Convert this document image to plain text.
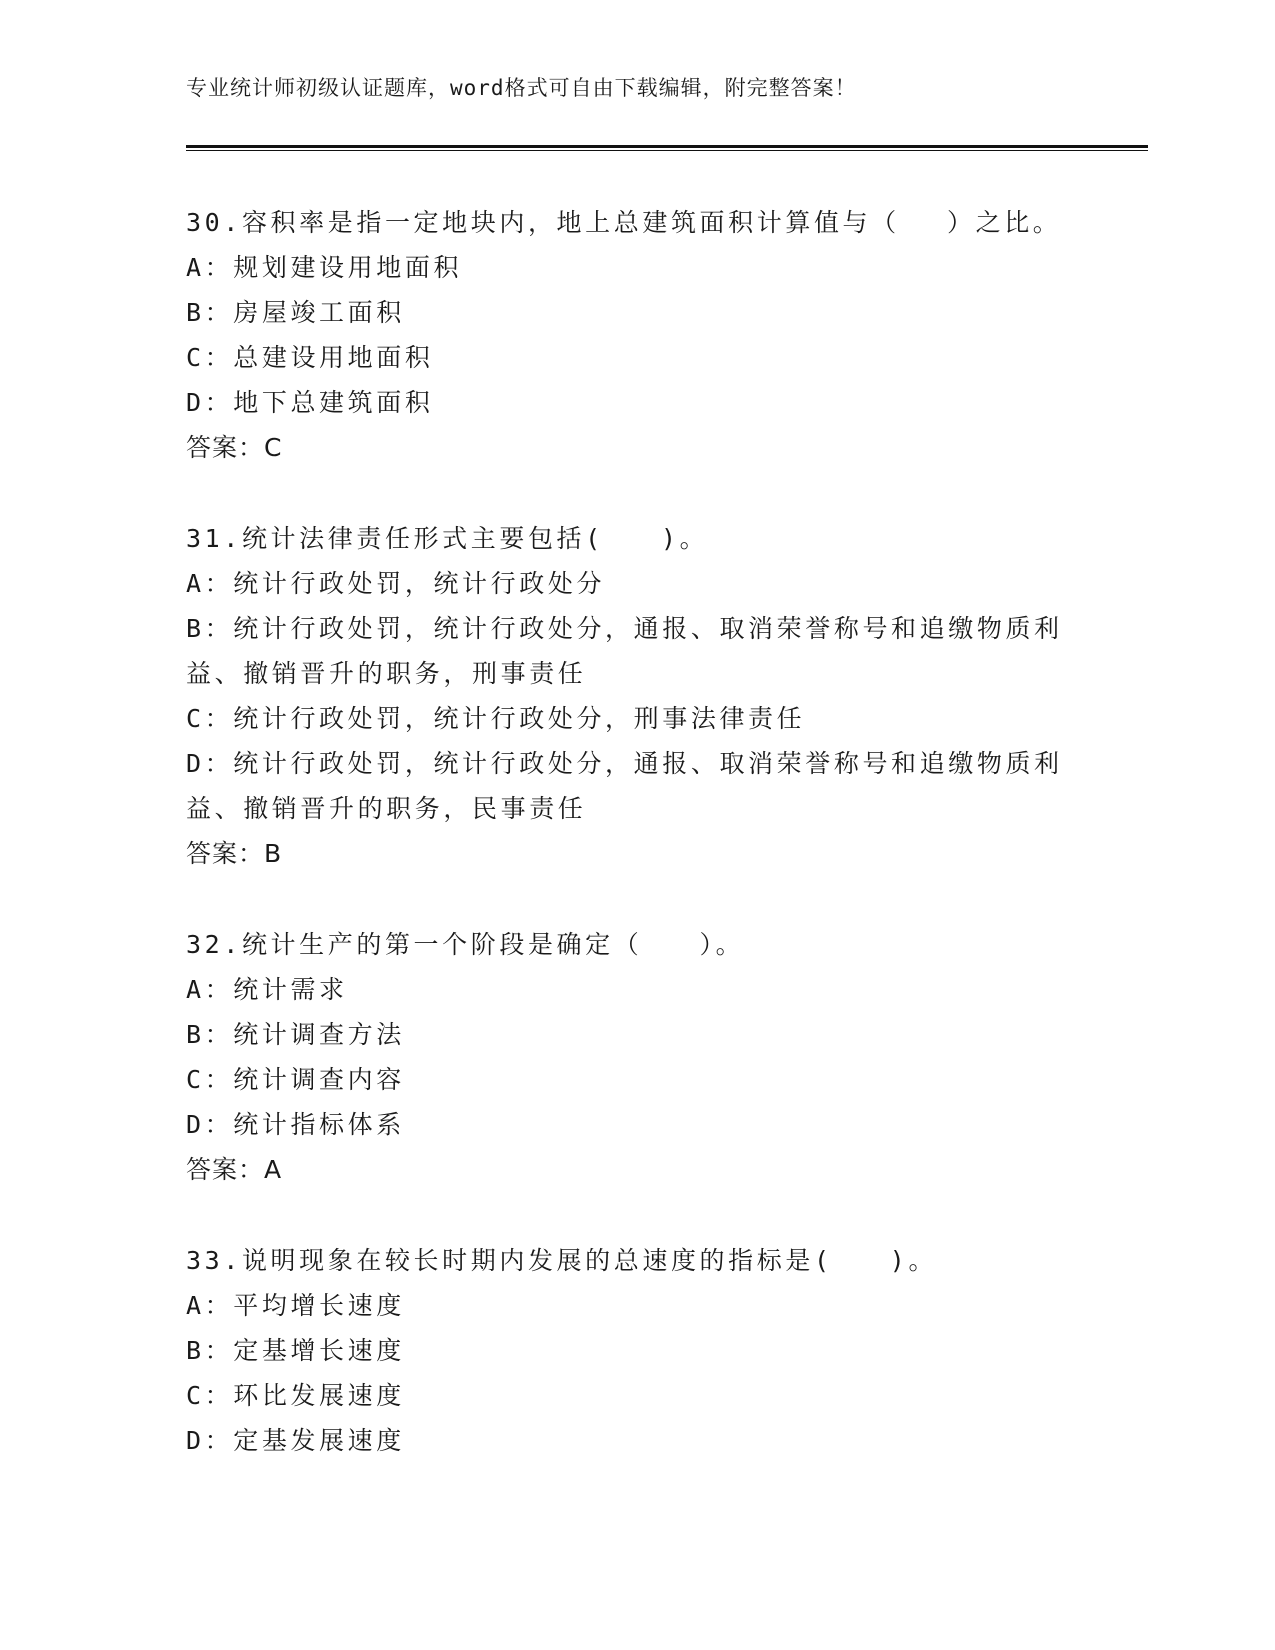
专业统计师初级认证题库，word格式可自由下载编辑，附完整答案！
30.容积率是指一定地块内，地上总建筑面积计算值与（　 ）之比。
A：规划建设用地面积
B：房屋竣工面积
C：总建设用地面积
D：地下总建筑面积
答案：C
31.统计法律责任形式主要包括(　　)。
A：统计行政处罚，统计行政处分
B：统计行政处罚，统计行政处分，通报、取消荣誉称号和追缴物质利
益、撤销晋升的职务，刑事责任
C：统计行政处罚，统计行政处分，刑事法律责任
D：统计行政处罚，统计行政处分，通报、取消荣誉称号和追缴物质利
益、撤销晋升的职务，民事责任
答案：B
32.统计生产的第一个阶段是确定（　　）。
A：统计需求
B：统计调查方法
C：统计调查内容
D：统计指标体系
答案：A
33.说明现象在较长时期内发展的总速度的指标是(　　)。
A：平均增长速度
B：定基增长速度
C：环比发展速度
D：定基发展速度
